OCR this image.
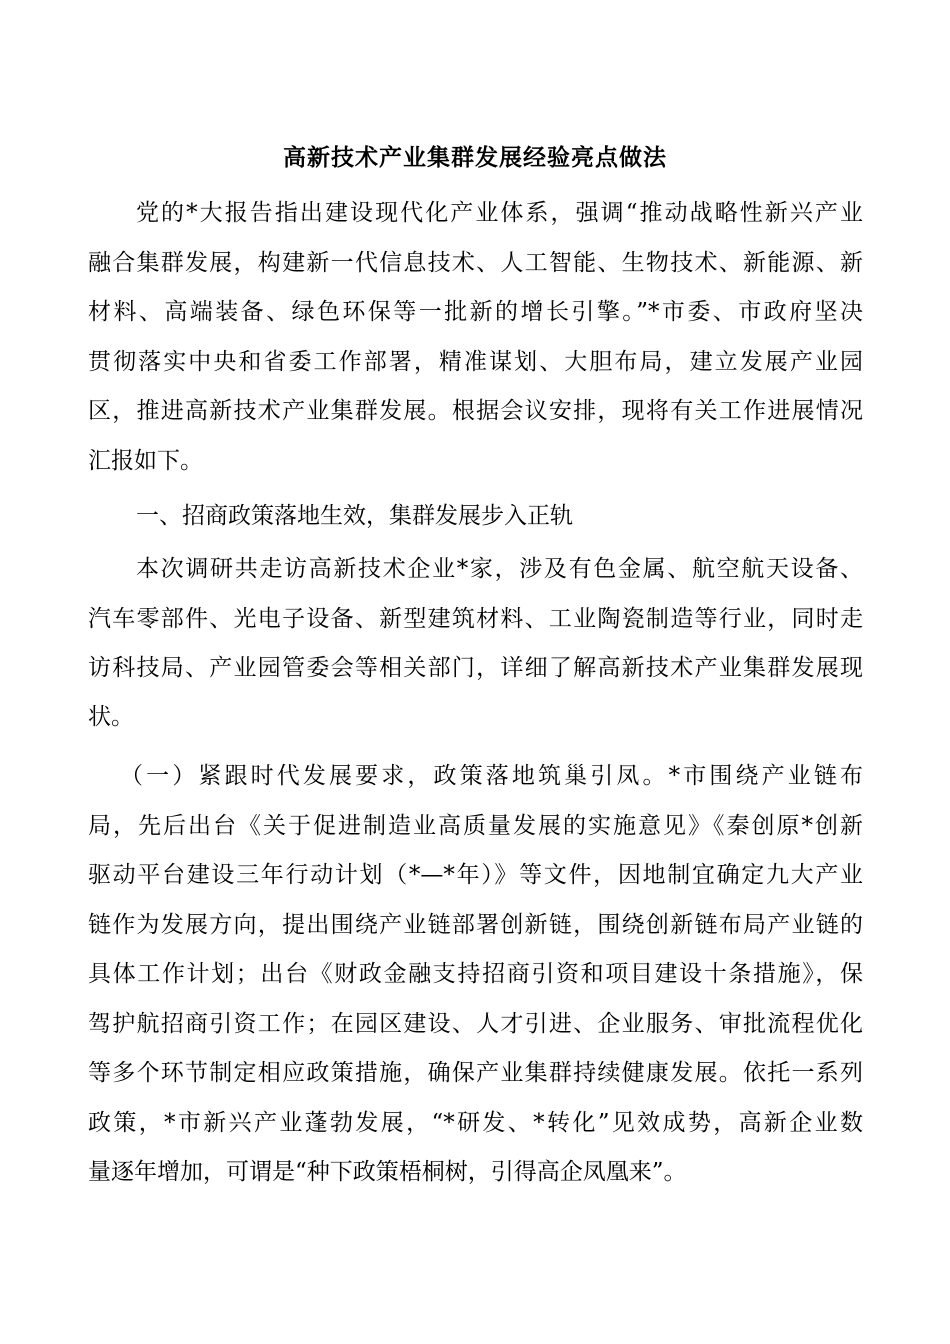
高新技术产业集群发展经验亮点做法
党的*大报告指出建设现代化产业体系，强调“推动战略性新兴产业
融合集群发展，构建新一代信息技术、人工智能、生物技术、新能源、新
材料、高端装备、绿色环保等一批新的增长引擎。”*市委、市政府坚决
贯彻落实中央和省委工作部署，精准谋划、大胆布局，建立发展产业园
区，推进高新技术产业集群发展。根据会议安排，现将有关工作进展情况
汇报如下。
一、招商政策落地生效，集群发展步入正轨
本次调研共走访高新技术企业*家，涉及有色金属、航空航天设备、
汽车零部件、光电子设备、新型建筑材料、工业陶瓷制造等行业，同时走
访科技局、产业园管委会等相关部门，详细了解高新技术产业集群发展现
状。
（一）紧跟时代发展要求，政策落地筑巢引凤。*市围绕产业链布
局，先后出台《关于促进制造业高质量发展的实施意见》《秦创原*创新
驱动平台建设三年行动计划（*—*年）》等文件，因地制宜确定九大产业
链作为发展方向，提出围绕产业链部署创新链，围绕创新链布局产业链的
具体工作计划；出台《财政金融支持招商引资和项目建设十条措施》，保
驾护航招商引资工作；在园区建设、人才引进、企业服务、审批流程优化
等多个环节制定相应政策措施，确保产业集群持续健康发展。依托一系列
政策，*市新兴产业蓬勃发展，“*研发、*转化”见效成势，高新企业数
量逐年增加，可谓是“种下政策梧桐树，引得高企凤凰来”。
